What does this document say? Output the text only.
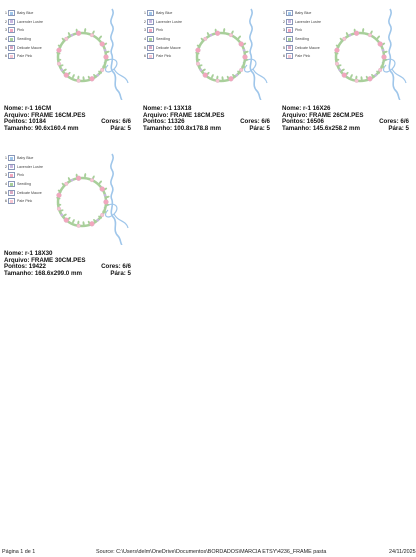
1	Baby Blue
2	Lavender Lustre
3	Pink
4	Seedling
5	Delicate Mauve
6	Pale Pink
Nome: r-1 16CM
Arquivo: FRAME 16CM.PES
Pontos: 10184	Cores: 6/6
Tamanho: 90.6x160.4 mm	Pára: 5
1	Baby Blue
2	Lavender Lustre
3	Pink
4	Seedling
5	Delicate Mauve
6	Pale Pink
Nome: r-1 13X18
Arquivo: FRAME 18CM.PES
Pontos: 11326	Cores: 6/6
Tamanho: 100.8x178.8 mm	Pára: 5
1	Baby Blue
2	Lavender Lustre
3	Pink
4	Seedling
5	Delicate Mauve
6	Pale Pink
Nome: r-1 16X26
Arquivo: FRAME 26CM.PES
Pontos: 16506	Cores: 6/6
Tamanho: 145.6x258.2 mm	Pára: 5
1	Baby Blue
2	Lavender Lustre
3	Pink
4	Seedling
5	Delicate Mauve
6	Pale Pink
Nome: r-1 18X30
Arquivo: FRAME 30CM.PES
Pontos: 19422	Cores: 6/6
Tamanho: 168.6x299.0 mm	Pára: 5
Página 1 de 1	Source: C:\Users\delm\OneDrive\Documentos\BORDADOS\MARCIA ETSY\4236_FRAME pasta	24/11/2025
